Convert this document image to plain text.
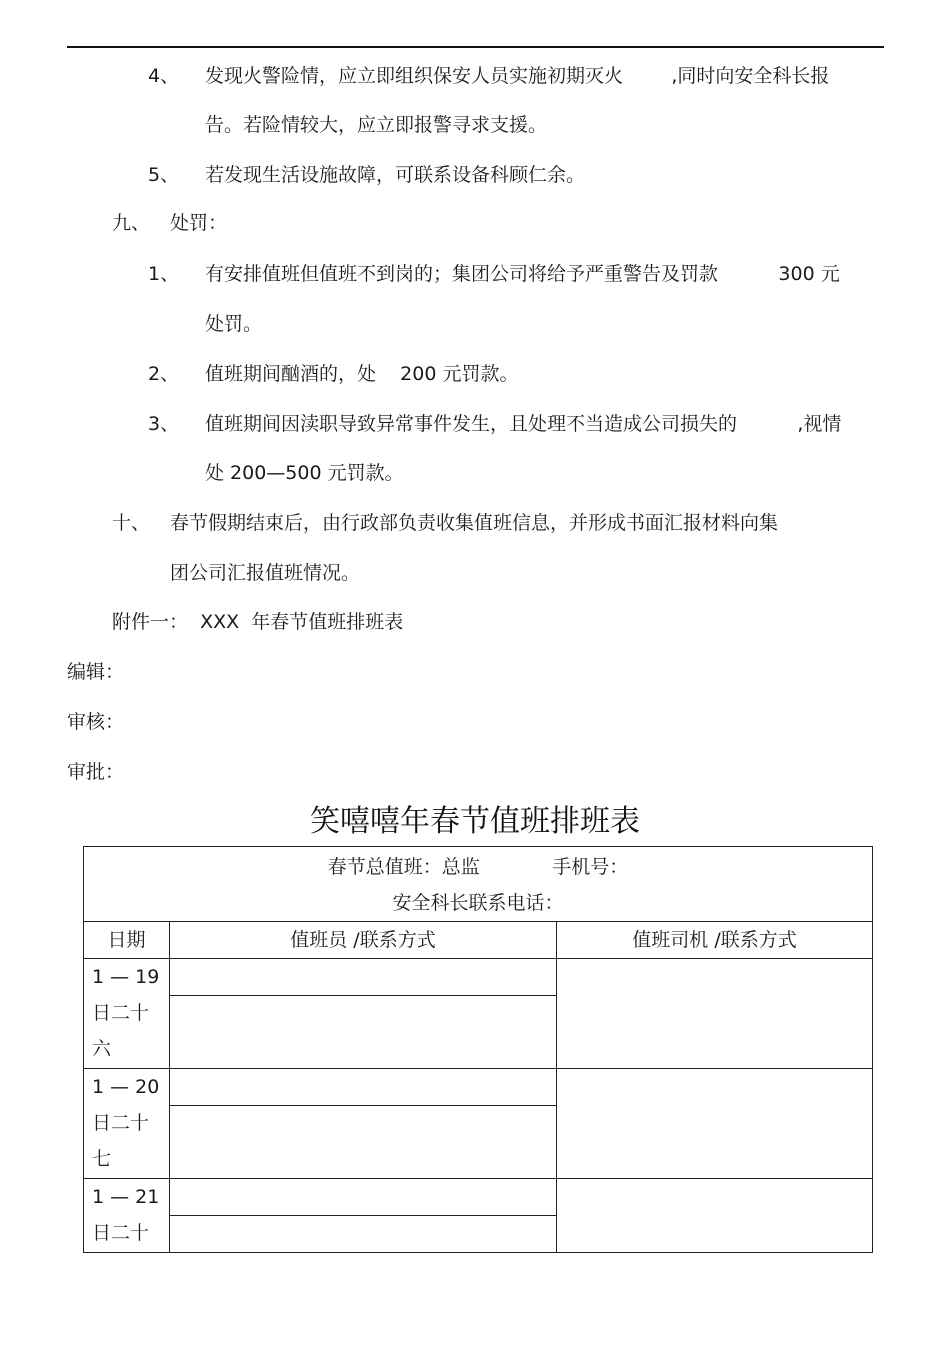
4、 发现火警险情，应立即组织保安人员实施初期灭火        ,同时向安全科长报
告。若险情较大，应立即报警寻求支援。
5、 若发现生活设施故障，可联系设备科顾仁余。
九、 处罚：
1、 有安排值班但值班不到岗的；集团公司将给予严重警告及罚款          300 元
处罚。
2、 值班期间酗酒的，处    200 元罚款。
3、 值班期间因渎职导致异常事件发生，且处理不当造成公司损失的          ,视情
处 200—500 元罚款。
十、 春节假期结束后，由行政部负责收集值班信息，并形成书面汇报材料向集
团公司汇报值班情况。
附件一：  XXX  年春节值班排班表
编辑：
审核：
审批：
笑嘻嘻年春节值班排班表
春节总值班：总监            手机号：
安全科长联系电话：		

日期	值班员 /联系方式	值班司机 /联系方式

1 — 19
日二十
六		

1 — 20
日二十
七		

1 — 21
日二十		
